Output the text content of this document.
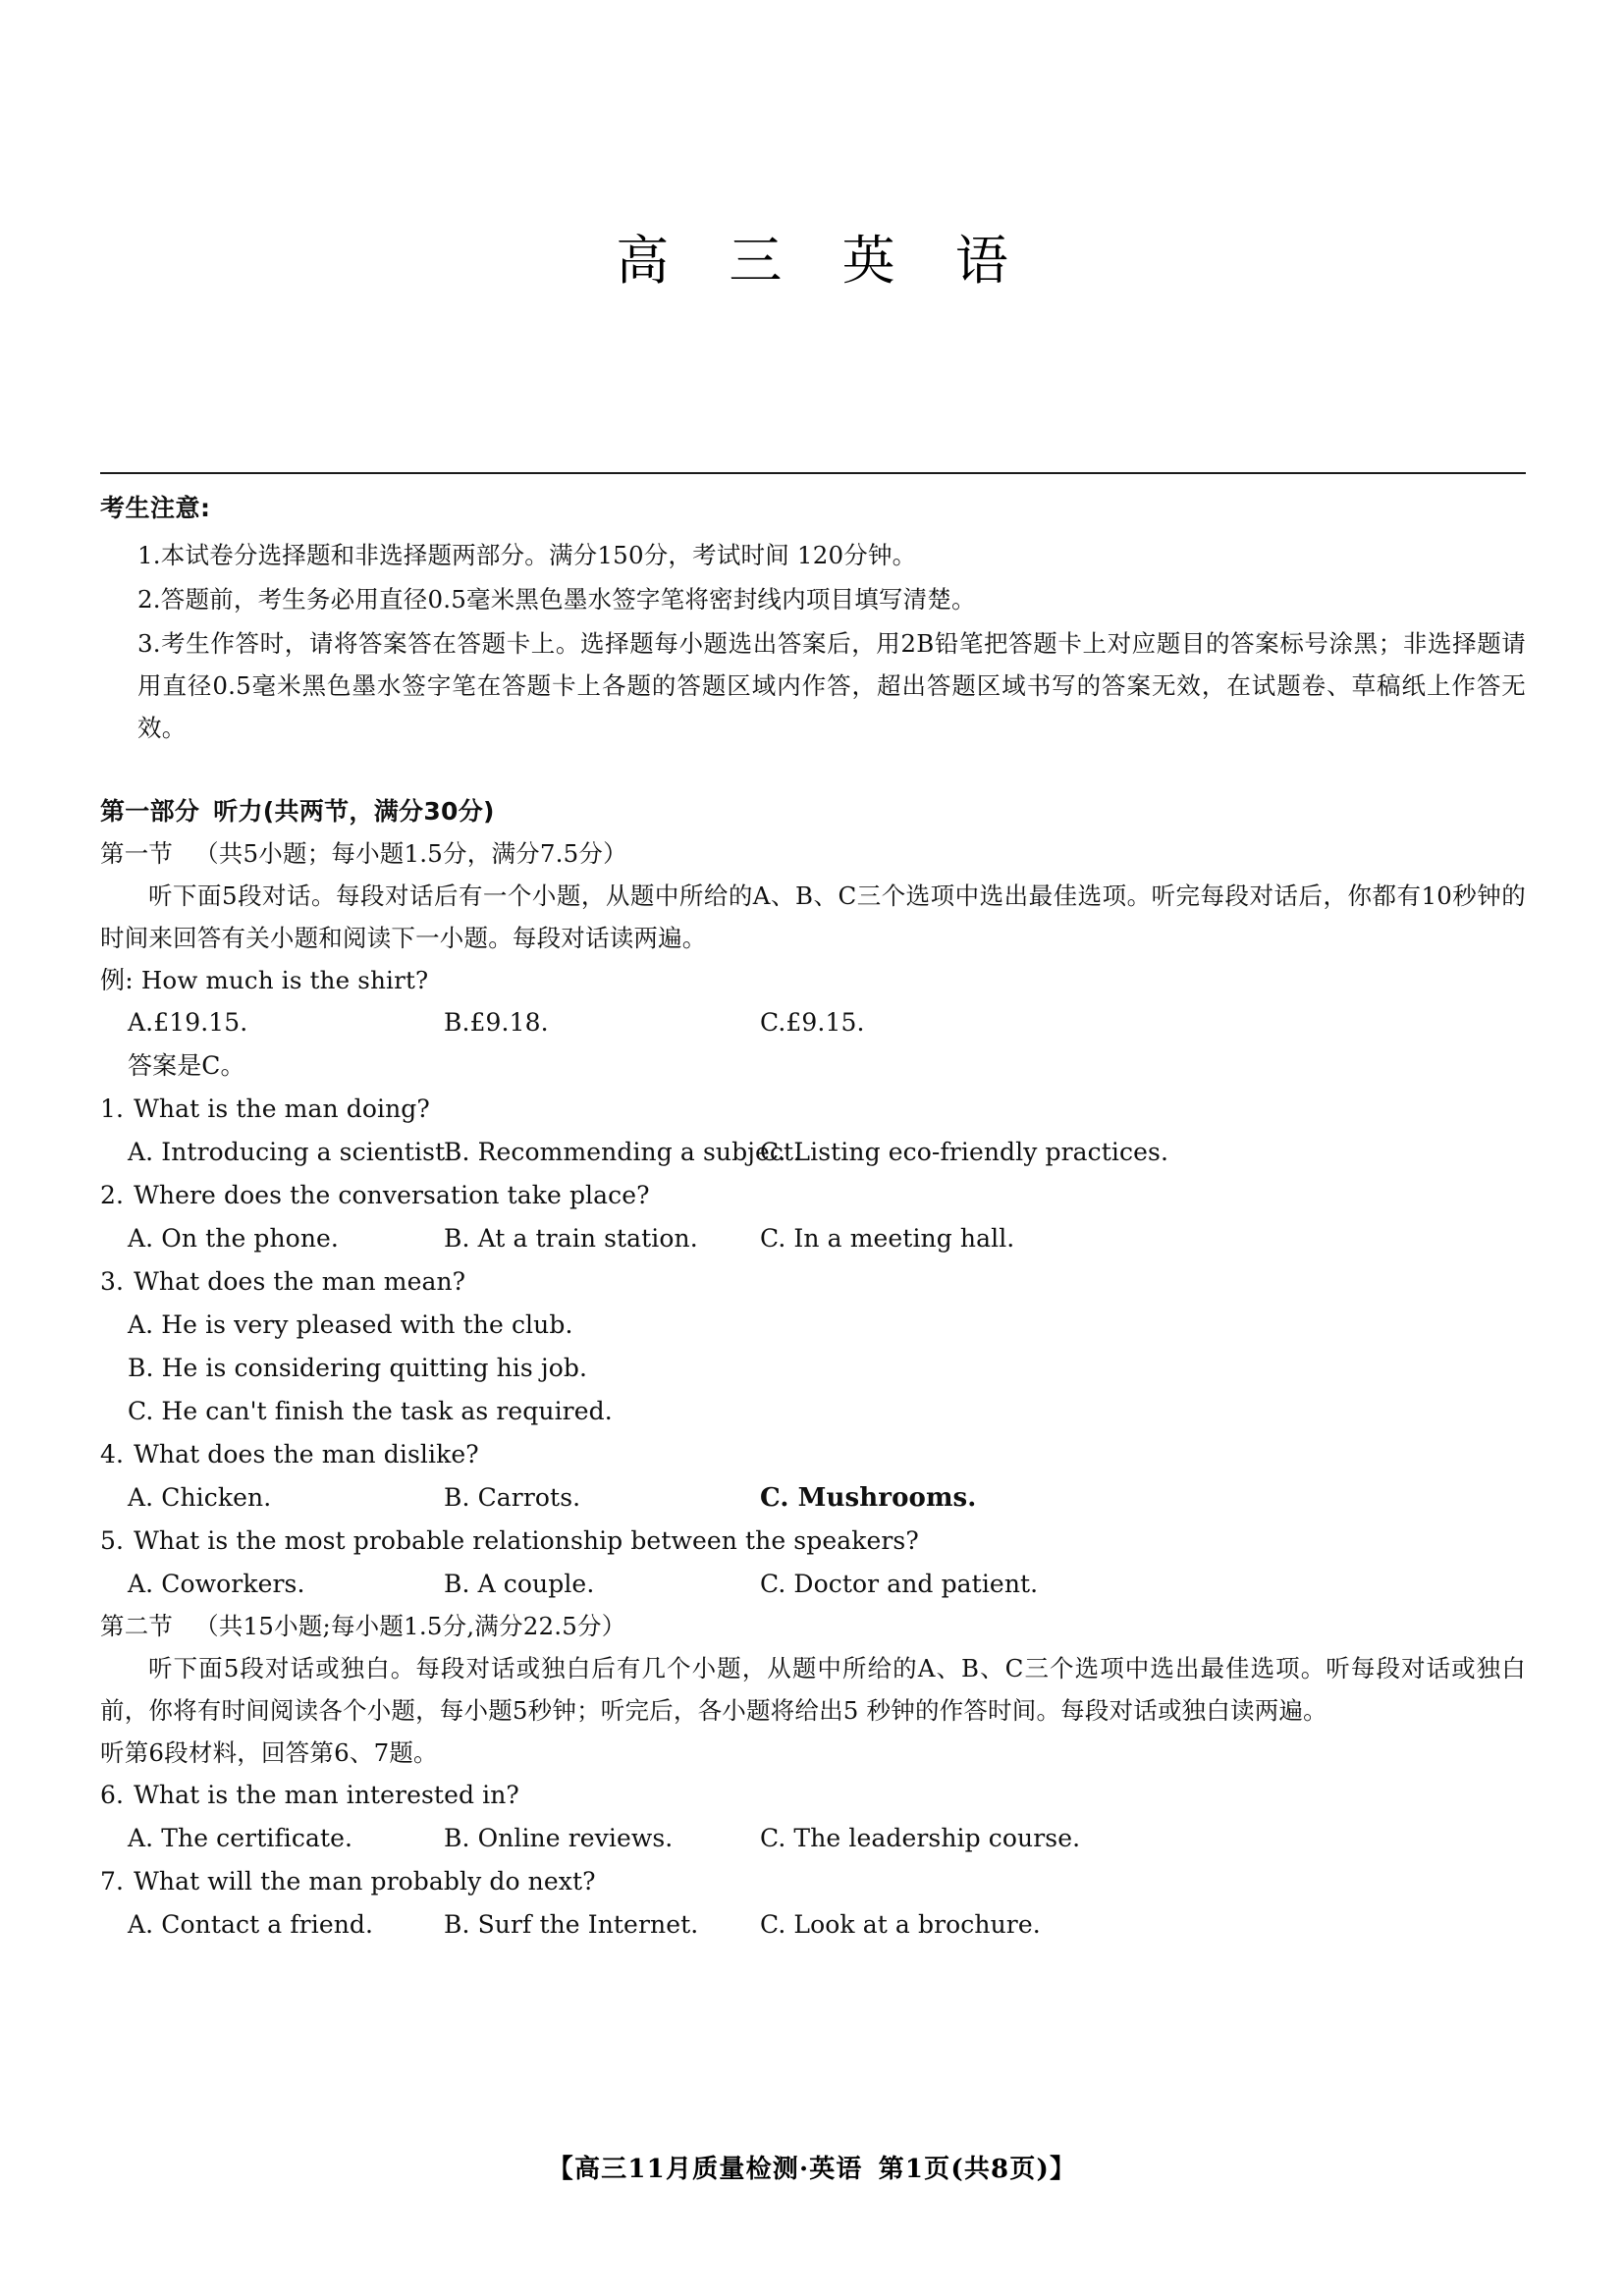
高 三 英 语

考生注意:

1.本试卷分选择题和非选择题两部分。满分150分，考试时间 120分钟。

2.答题前，考生务必用直径0.5毫米黑色墨水签字笔将密封线内项目填写清楚。

3.考生作答时，请将答案答在答题卡上。选择题每小题选出答案后，用2B铅笔把答题卡上对应题目的答案标号涂黑；非选择题请用直径0.5毫米黑色墨水签字笔在答题卡上各题的答题区域内作答，超出答题区域书写的答案无效，在试题卷、草稿纸上作答无效。

第一部分 听力(共两节，满分30分)

第一节 （共5小题；每小题1.5分，满分7.5分）

听下面5段对话。每段对话后有一个小题，从题中所给的A、B、C三个选项中选出最佳选项。听完每段对话后，你都有10秒钟的时间来回答有关小题和阅读下一小题。每段对话读两遍。

例: How much is the shirt?

A.£19.15.	B.£9.18.	C.£9.15.

答案是C。

1. What is the man doing?

A. Introducing a scientist.
B. Recommending a subject.
C. Listing eco-friendly practices.

2. Where does the conversation take place?

A. On the phone.	B. At a train station.	C. In a meeting hall.

3. What does the man mean?

A. He is very pleased with the club.

B. He is considering quitting his job.

C. He can't finish the task as required.

4. What does the man dislike?

A. Chicken.	B. Carrots.	C. Mushrooms.

5. What is the most probable relationship between the speakers?

A. Coworkers.	B. A couple.	C. Doctor and patient.

第二节 （共15小题;每小题1.5分,满分22.5分）

听下面5段对话或独白。每段对话或独白后有几个小题，从题中所给的A、B、C三个选项中选出最佳选项。听每段对话或独白前，你将有时间阅读各个小题，每小题5秒钟；听完后，各小题将给出5 秒钟的作答时间。每段对话或独白读两遍。

听第6段材料，回答第6、7题。

6. What is the man interested in?

A. The certificate.	B. Online reviews.	C. The leadership course.

7. What will the man probably do next?

A. Contact a friend.	B. Surf the Internet.	C. Look at a brochure.
【高三11月质量检测·英语 第1页(共8页)】
